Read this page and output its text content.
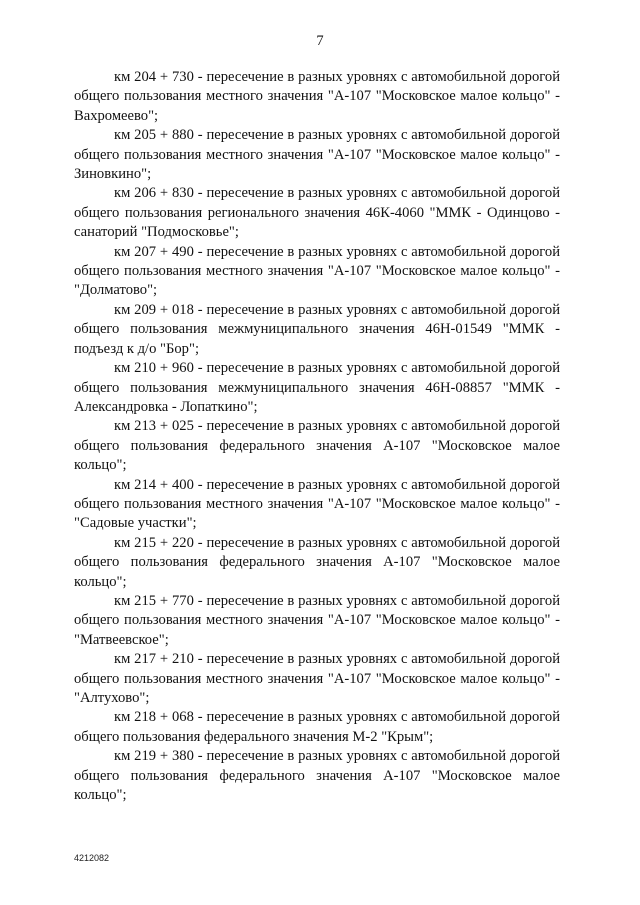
7

км 204 + 730 - пересечение в разных уровнях с автомобильной дорогой общего пользования местного значения "А-107 "Московское малое кольцо" - Вахромеево";

км 205 + 880 - пересечение в разных уровнях с автомобильной дорогой общего пользования местного значения "А-107 "Московское малое кольцо" - Зиновкино";

км 206 + 830 - пересечение в разных уровнях с автомобильной дорогой общего пользования регионального значения 46К-4060 "ММК - Одинцово - санаторий "Подмосковье";

км 207 + 490 - пересечение в разных уровнях с автомобильной дорогой общего пользования местного значения "А-107 "Московское малое кольцо" - "Долматово";

км 209 + 018 - пересечение в разных уровнях с автомобильной дорогой общего пользования межмуниципального значения 46Н-01549 "ММК - подъезд к д/о "Бор";

км 210 + 960 - пересечение в разных уровнях с автомобильной дорогой общего пользования межмуниципального значения 46Н-08857 "ММК - Александровка - Лопаткино";

км 213 + 025 - пересечение в разных уровнях с автомобильной дорогой общего пользования федерального значения А-107 "Московское малое кольцо";

км 214 + 400 - пересечение в разных уровнях с автомобильной дорогой общего пользования местного значения "А-107 "Московское малое кольцо" - "Садовые участки";

км 215 + 220 - пересечение в разных уровнях с автомобильной дорогой общего пользования федерального значения А-107 "Московское малое кольцо";

км 215 + 770 - пересечение в разных уровнях с автомобильной дорогой общего пользования местного значения "А-107 "Московское малое кольцо" - "Матвеевское";

км 217 + 210 - пересечение в разных уровнях с автомобильной дорогой общего пользования местного значения "А-107 "Московское малое кольцо" - "Алтухово";

км 218 + 068 - пересечение в разных уровнях с автомобильной дорогой общего пользования федерального значения М-2 "Крым";

км 219 + 380 - пересечение в разных уровнях с автомобильной дорогой общего пользования федерального значения А-107 "Московское малое кольцо";

4212082
